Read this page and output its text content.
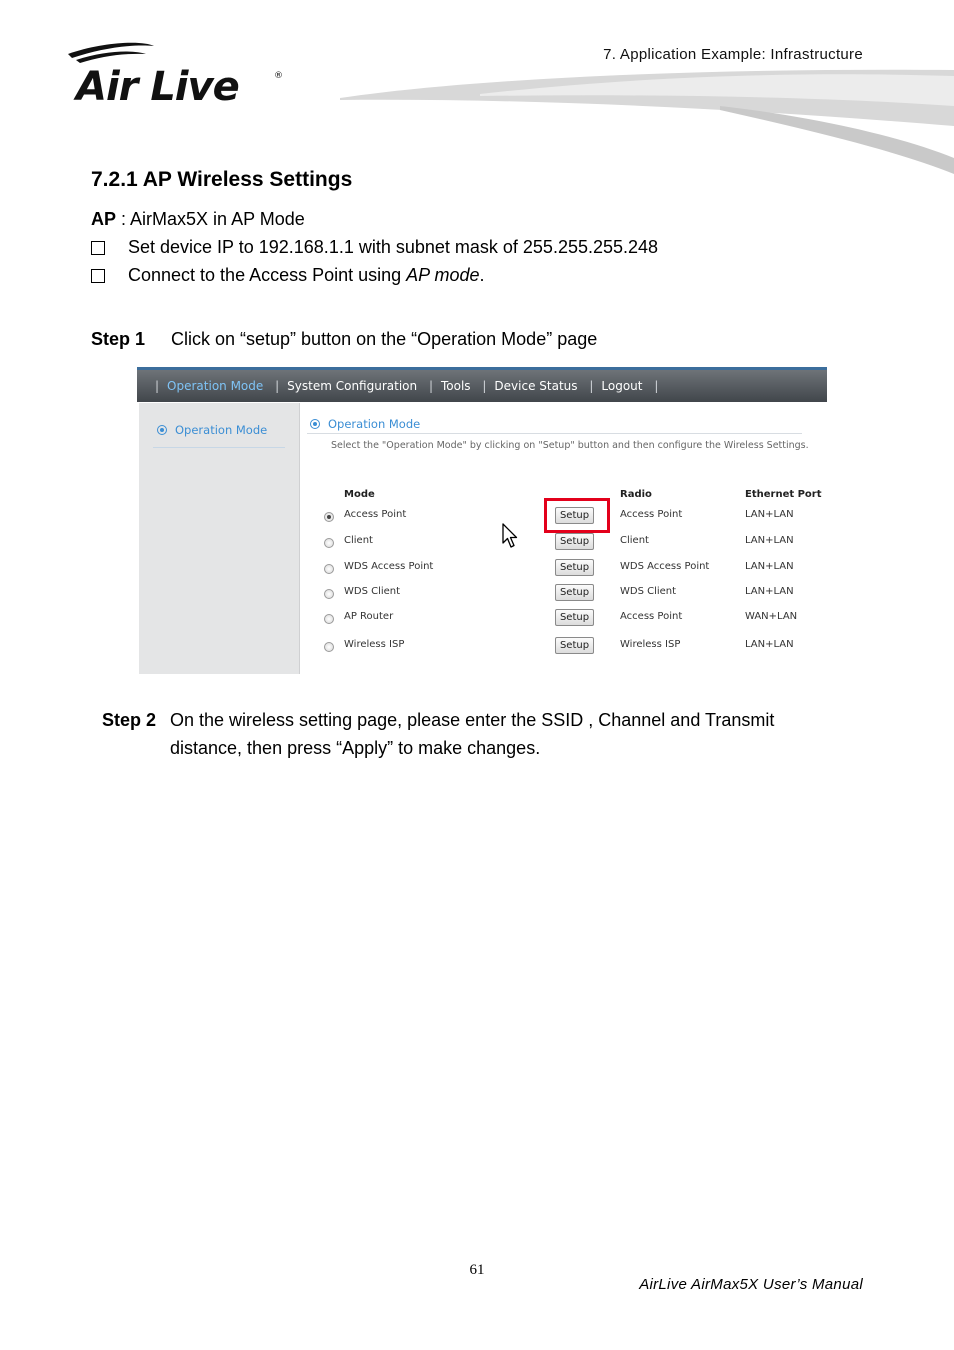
Air Live	®
7. Application Example: Infrastructure
7.2.1 AP Wireless Settings
AP : AirMax5X in AP Mode
Set device IP to 192.168.1.1 with subnet mask of 255.255.255.248
Connect to the Access Point using AP mode.
Step 1 Click on “setup” button on the “Operation Mode” page
| Operation Mode | System Configuration | Tools | Device Status | Logout |
Operation Mode	Operation Mode
Select the "Operation Mode" by clicking on "Setup" button and then configure the Wireless Settings.
Mode	Radio	Ethernet Port
Access Point	Setup	Access Point	LAN+LAN
Client	Setup	Client	LAN+LAN
WDS Access Point	Setup	WDS Access Point	LAN+LAN
WDS Client	Setup	WDS Client	LAN+LAN
AP Router	Setup	Access Point	WAN+LAN
Wireless ISP	Setup	Wireless ISP	LAN+LAN
Step 2 On the wireless setting page, please enter the SSID , Channel and Transmit distance, then press “Apply” to make changes.
61
AirLive AirMax5X User’s Manual
